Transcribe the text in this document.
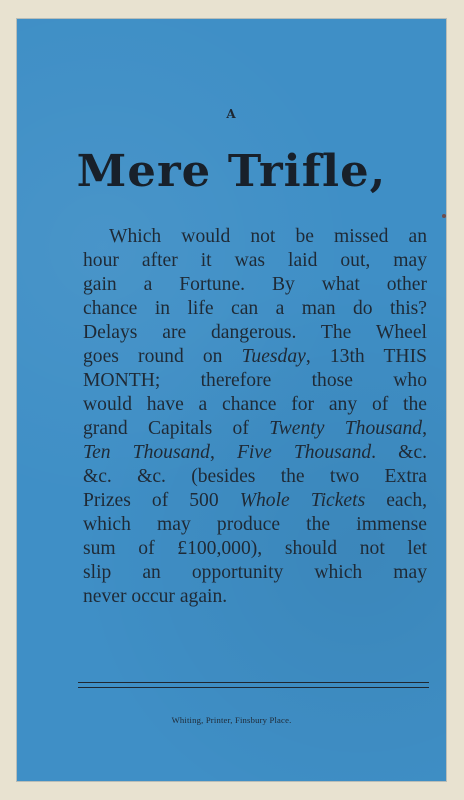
A
Mere Trifle,
Which would not be missed an
hour after it was laid out, may
gain a Fortune. By what other
chance in life can a man do this?
Delays are dangerous. The Wheel
goes round on Tuesday, 13th THIS
MONTH; therefore those who
would have a chance for any of the
grand Capitals of Twenty Thousand,
Ten Thousand, Five Thousand. &c.
&c. &c. (besides the two Extra
Prizes of 500 Whole Tickets each,
which may produce the immense
sum of £100,000), should not let
slip an opportunity which may
never occur again.
Whiting, Printer, Finsbury Place.
